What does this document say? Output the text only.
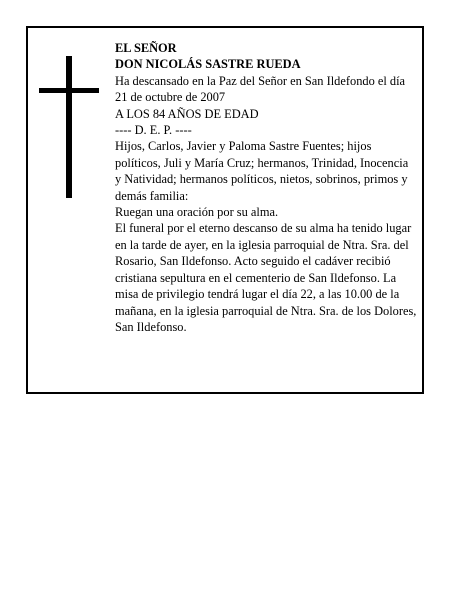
EL SEÑOR

DON NICOLÁS SASTRE RUEDA

Ha descansado en la Paz del Señor en San Ildefondo el día 21 de octubre de 2007

A LOS 84 AÑOS DE EDAD

---- D. E. P. ----

Hijos, Carlos, Javier y Paloma Sastre Fuentes; hijos políticos, Juli y María Cruz; hermanos, Trinidad, Inocencia y Natividad; hermanos políticos, nietos, sobrinos, primos y demás familia:

Ruegan una oración por su alma.

El funeral por el eterno descanso de su alma ha tenido lugar en la tarde de ayer, en la iglesia parroquial de Ntra. Sra. del Rosario, San Ildefonso. Acto seguido el cadáver recibió cristiana sepultura en el cementerio de San Ildefonso. La misa de privilegio tendrá lugar el día 22, a las 10.00 de la mañana, en la iglesia parroquial de Ntra. Sra. de los Dolores, San Ildefonso.
